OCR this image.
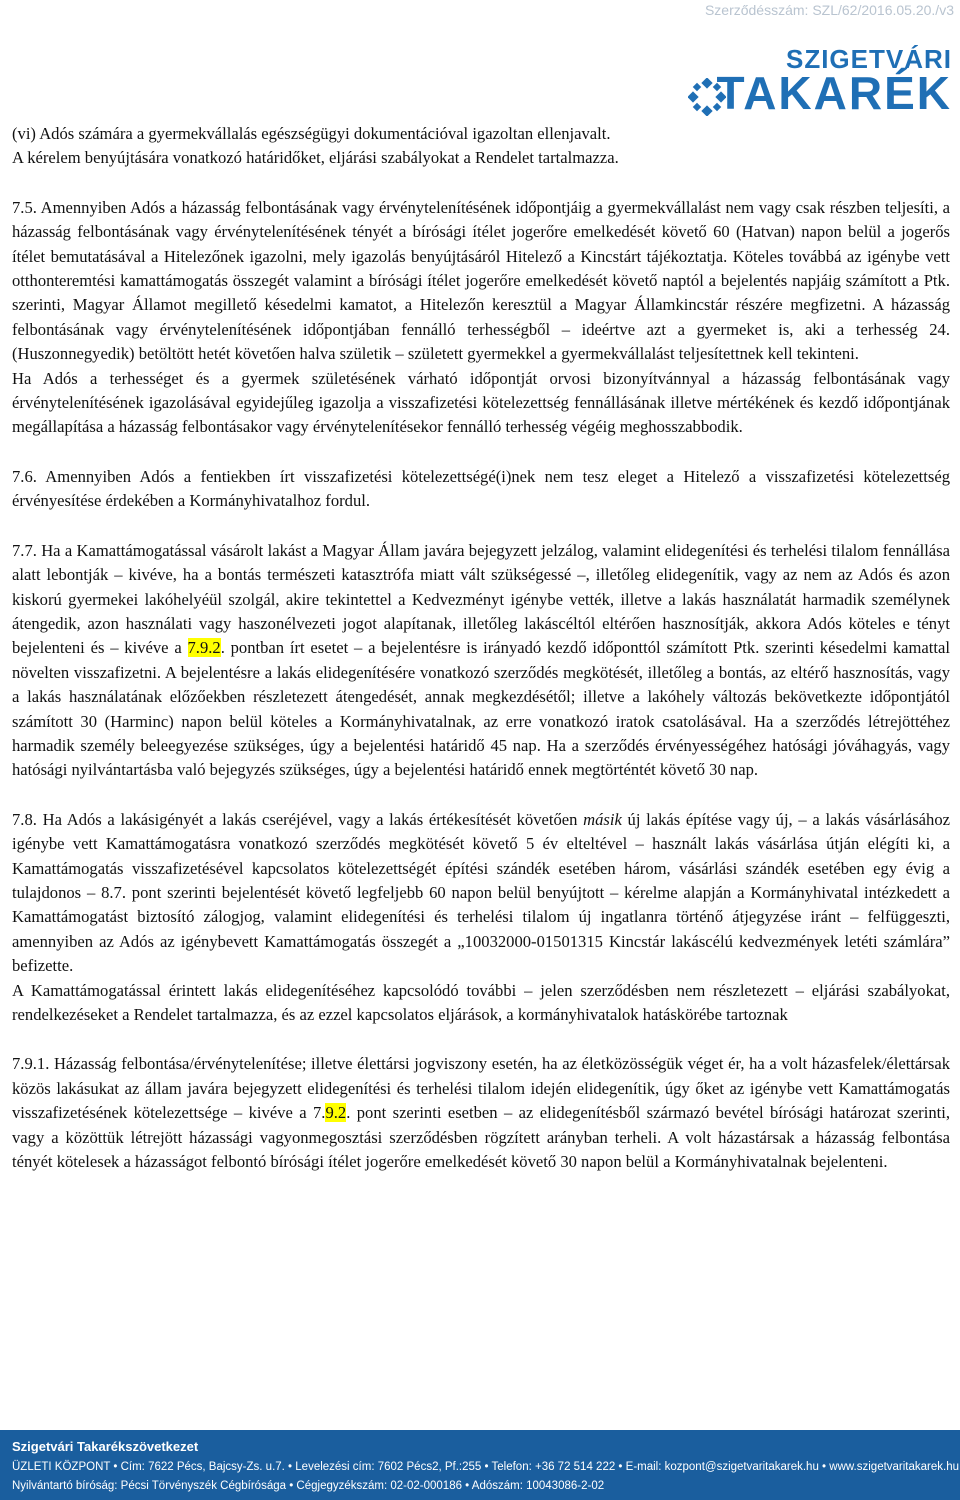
Szerződésszám: SZL/62/2016.05.20./v3
SZIGETVÁRI
TAKARÉK

(vi) Adós számára a gyermekvállalás egészségügyi dokumentációval igazoltan ellenjavalt.

A kérelem benyújtására vonatkozó határidőket, eljárási szabályokat a Rendelet tartalmazza.

7.5. Amennyiben Adós a házasság felbontásának vagy érvénytelenítésének időpontjáig a gyermekvállalást nem vagy csak részben teljesíti, a házasság felbontásának vagy érvénytelenítésének tényét a bírósági ítélet jogerőre emelkedését követő 60 (Hatvan) napon belül a jogerős ítélet bemutatásával a Hitelezőnek igazolni, mely igazolás benyújtásáról Hitelező a Kincstárt tájékoztatja. Köteles továbbá az igénybe vett otthonteremtési kamattámogatás összegét valamint a bírósági ítélet jogerőre emelkedését követő naptól a bejelentés napjáig számított a Ptk. szerinti, Magyar Államot megillető késedelmi kamatot, a Hitelezőn keresztül a Magyar Államkincstár részére megfizetni. A házasság felbontásának vagy érvénytelenítésének időpontjában fennálló terhességből – ideértve azt a gyermeket is, aki a terhesség 24. (Huszonnegyedik) betöltött hetét követően halva születik – született gyermekkel a gyermekvállalást teljesítettnek kell tekinteni.

Ha Adós a terhességet és a gyermek születésének várható időpontját orvosi bizonyítvánnyal a házasság felbontásának vagy érvénytelenítésének igazolásával egyidejűleg igazolja a visszafizetési kötelezettség fennállásának illetve mértékének és kezdő időpontjának megállapítása a házasság felbontásakor vagy érvénytelenítésekor fennálló terhesség végéig meghosszabbodik.

7.6. Amennyiben Adós a fentiekben írt visszafizetési kötelezettségé(i)nek nem tesz eleget a Hitelező a visszafizetési kötelezettség érvényesítése érdekében a Kormányhivatalhoz fordul.

7.7. Ha a Kamattámogatással vásárolt lakást a Magyar Állam javára bejegyzett jelzálog, valamint elidegenítési és terhelési tilalom fennállása alatt lebontják – kivéve, ha a bontás természeti katasztrófa miatt vált szükségessé –, illetőleg elidegenítik, vagy az nem az Adós és azon kiskorú gyermekei lakóhelyéül szolgál, akire tekintettel a Kedvezményt igénybe vették, illetve a lakás használatát harmadik személynek átengedik, azon használati vagy haszonélvezeti jogot alapítanak, illetőleg lakáscéltól eltérően hasznosítják, akkora Adós köteles e tényt bejelenteni és – kivéve a 7.9.2. pontban írt esetet – a bejelentésre is irányadó kezdő időponttól számított Ptk. szerinti késedelmi kamattal növelten visszafizetni. A bejelentésre a lakás elidegenítésére vonatkozó szerződés megkötését, illetőleg a bontás, az eltérő hasznosítás, vagy a lakás használatának előzőekben részletezett átengedését, annak megkezdésétől; illetve a lakóhely változás bekövetkezte időpontjától számított 30 (Harminc) napon belül köteles a Kormányhivatalnak, az erre vonatkozó iratok csatolásával. Ha a szerződés létrejöttéhez harmadik személy beleegyezése szükséges, úgy a bejelentési határidő 45 nap. Ha a szerződés érvényességéhez hatósági jóváhagyás, vagy hatósági nyilvántartásba való bejegyzés szükséges, úgy a bejelentési határidő ennek megtörténtét követő 30 nap.

7.8. Ha Adós a lakásigényét a lakás cseréjével, vagy a lakás értékesítését követően másik új lakás építése vagy új, – a lakás vásárlásához igénybe vett Kamattámogatásra vonatkozó szerződés megkötését követő 5 év elteltével – használt lakás vásárlása útján elégíti ki, a Kamattámogatás visszafizetésével kapcsolatos kötelezettségét építési szándék esetében három, vásárlási szándék esetében egy évig a tulajdonos – 8.7. pont szerinti bejelentését követő legfeljebb 60 napon belül benyújtott – kérelme alapján a Kormányhivatal intézkedett a Kamattámogatást biztosító zálogjog, valamint elidegenítési és terhelési tilalom új ingatlanra történő átjegyzése iránt – felfüggeszti, amennyiben az Adós az igénybevett Kamattámogatás összegét a „10032000-01501315 Kincstár lakáscélú kedvezmények letéti számlára” befizette.

A Kamattámogatással érintett lakás elidegenítéséhez kapcsolódó további – jelen szerződésben nem részletezett – eljárási szabályokat, rendelkezéseket a Rendelet tartalmazza, és az ezzel kapcsolatos eljárások, a kormányhivatalok hatáskörébe tartoznak

7.9.1. Házasság felbontása/érvénytelenítése; illetve élettársi jogviszony esetén, ha az életközösségük véget ér, ha a volt házasfelek/élettársak közös lakásukat az állam javára bejegyzett elidegenítési és terhelési tilalom idején elidegenítik, úgy őket az igénybe vett Kamattámogatás visszafizetésének kötelezettsége – kivéve a 7.9.2. pont szerinti esetben – az elidegenítésből származó bevétel bírósági határozat szerinti, vagy a közöttük létrejött házassági vagyonmegosztási szerződésben rögzített arányban terheli. A volt házastársak a házasság felbontása tényét kötelesek a házasságot felbontó bírósági ítélet jogerőre emelkedését követő 30 napon belül a Kormányhivatalnak bejelenteni.

Szigetvári Takarékszövetkezet
ÜZLETI KÖZPONT • Cím: 7622 Pécs, Bajcsy-Zs. u.7. • Levelezési cím: 7602 Pécs2, Pf.:255 • Telefon: +36 72 514 222 • E-mail: kozpont@szigetvaritakarek.hu • www.szigetvaritakarek.hu
Nyilvántartó bíróság: Pécsi Törvényszék Cégbírósága • Cégjegyzékszám: 02-02-000186 • Adószám: 10043086-2-02
